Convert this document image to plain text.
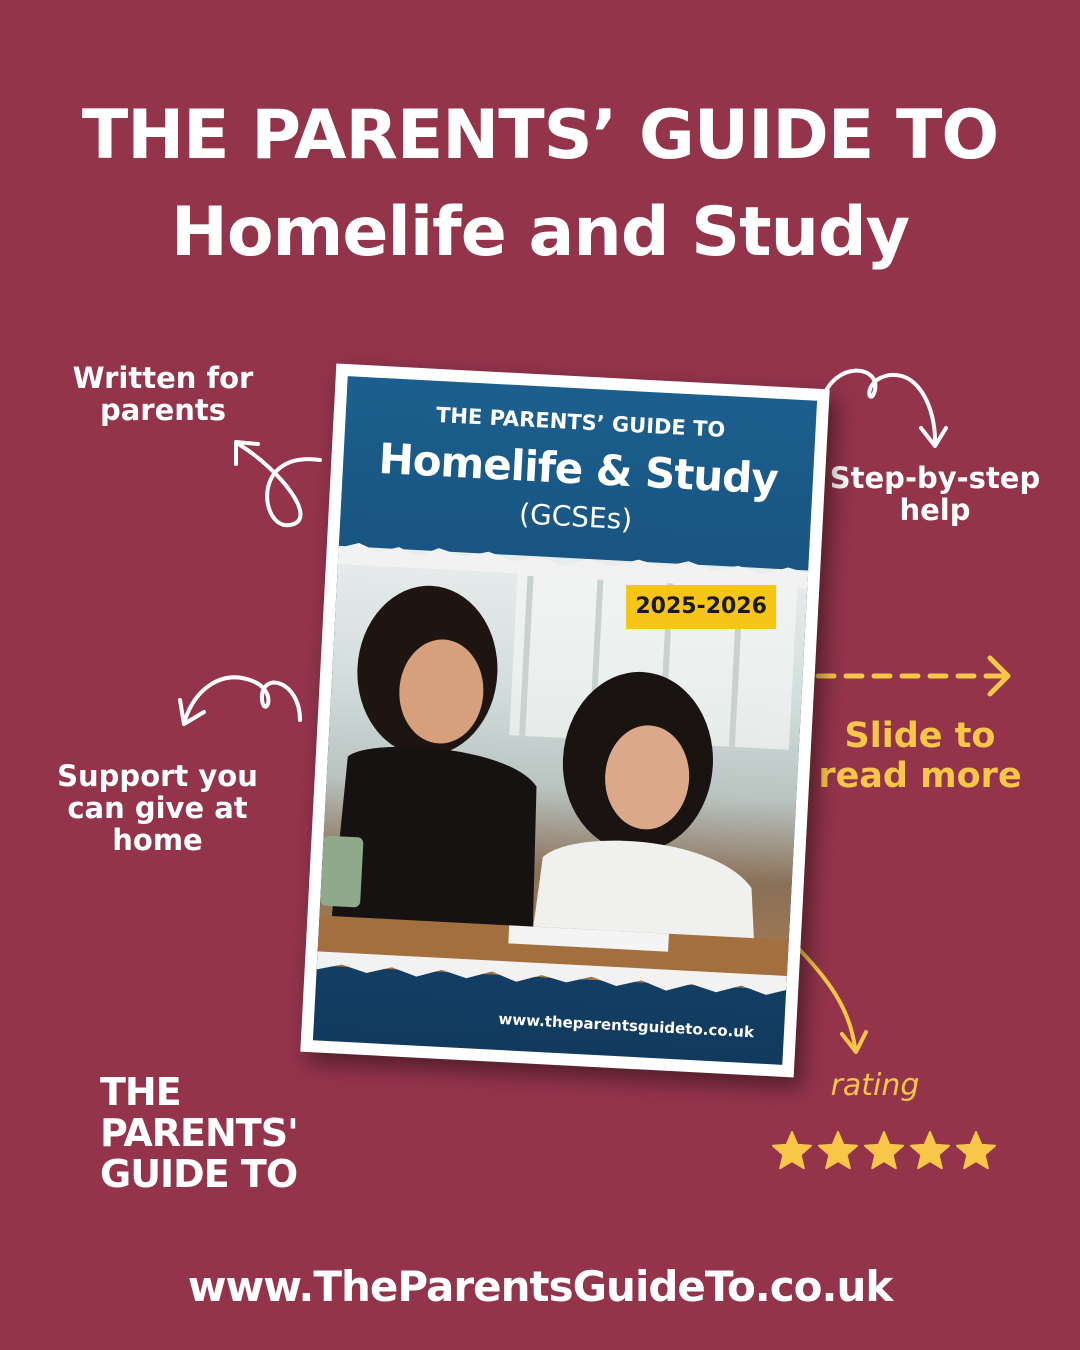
THE PARENTS’ GUIDE TO
Homelife and Study
Written for parents
Step-by-step help
Support you can give at home
Slide to read more
rating
THE PARENTS’ GUIDE TO
Homelife & Study
(GCSEs)
2025-2026
www.theparentsguideto.co.uk
THE
PARENTS'
GUIDE TO
www.TheParentsGuideTo.co.uk
